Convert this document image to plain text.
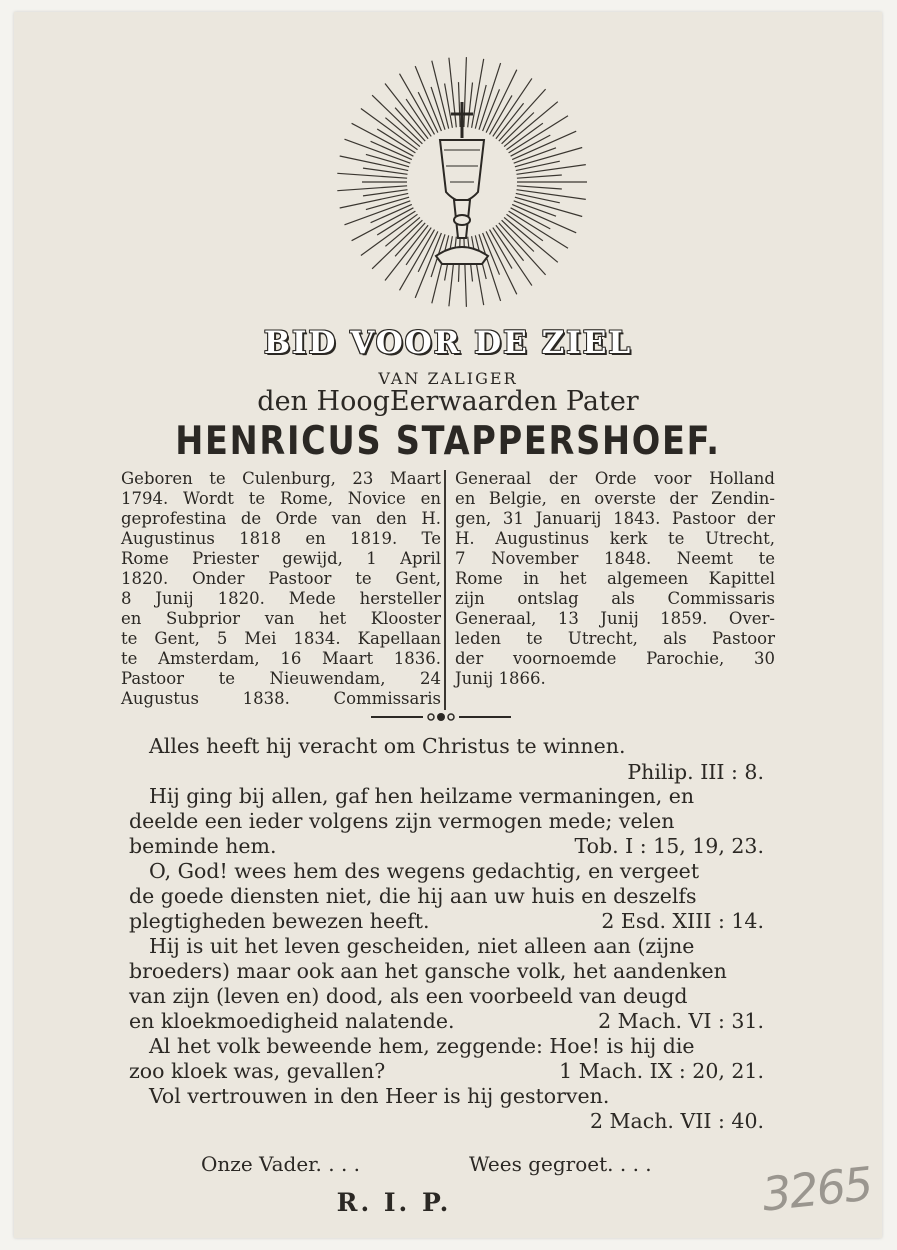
BID VOOR DE ZIEL
VAN ZALIGER
den HoogEerwaarden Pater
HENRICUS STAPPERSHOEF.
Geboren te Culenburg, 23 Maart
1794. Wordt te Rome, Novice en
geprofestina de Orde van den H.
Augustinus 1818 en 1819. Te
Rome Priester gewijd, 1 April
1820. Onder Pastoor te Gent,
8 Junij 1820. Mede hersteller
en Subprior van het Klooster
te Gent, 5 Mei 1834. Kapellaan
te Amsterdam, 16 Maart 1836.
Pastoor te Nieuwendam, 24
Augustus 1838. Commissaris
Generaal der Orde voor Holland
en Belgie, en overste der Zendin-
gen, 31 Januarij 1843. Pastoor der
H. Augustinus kerk te Utrecht,
7 November 1848. Neemt te
Rome in het algemeen Kapittel
zijn ontslag als Commissaris
Generaal, 13 Junij 1859. Over-
leden te Utrecht, als Pastoor
der voornoemde Parochie, 30
Junij 1866.
Alles heeft hij veracht om Christus te winnen.
Philip. III : 8.
Hij ging bij allen, gaf hen heilzame vermaningen, en
deelde een ieder volgens zijn vermogen mede; velen
beminde hem.	Tob. I : 15, 19, 23.
O, God! wees hem des wegens gedachtig, en vergeet
de goede diensten niet, die hij aan uw huis en deszelfs
plegtigheden bewezen heeft.	2 Esd. XIII : 14.
Hij is uit het leven gescheiden, niet alleen aan (zijne
broeders) maar ook aan het gansche volk, het aandenken
van zijn (leven en) dood, als een voorbeeld van deugd
en kloekmoedigheid nalatende.	2 Mach. VI : 31.
Al het volk beweende hem, zeggende: Hoe! is hij die
zoo kloek was, gevallen?	1 Mach. IX : 20, 21.
Vol vertrouwen in den Heer is hij gestorven.
2 Mach. VII : 40.
Onze Vader. . . .	Wees gegroet. . . .
R. I. P.	3265
